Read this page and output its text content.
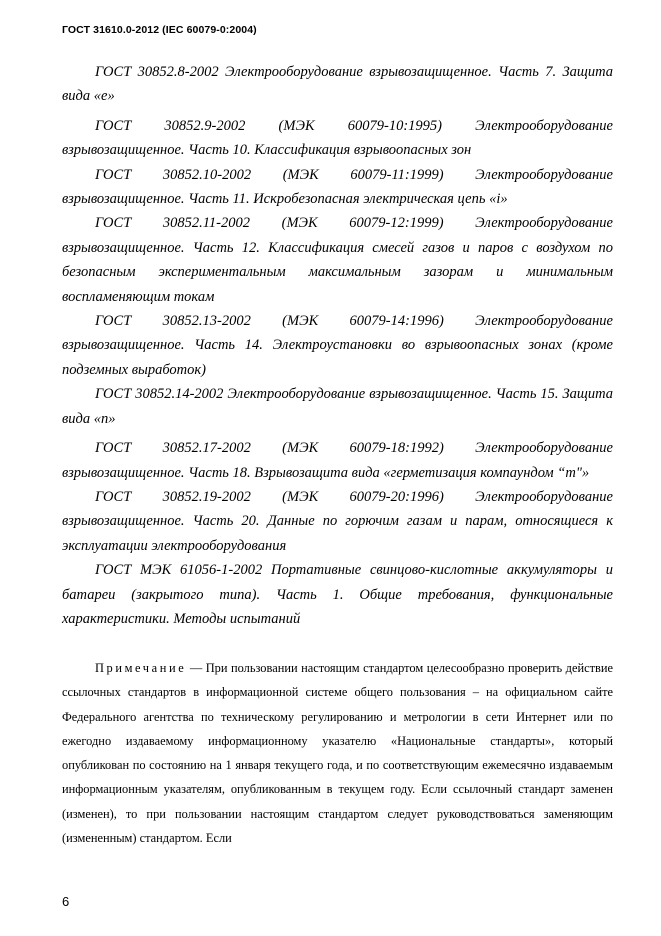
ГОСТ 31610.0-2012 (IEC 60079-0:2004)

ГОСТ 30852.8-2002 Электрооборудование взрывозащищенное. Часть 7. Защита вида «е»

ГОСТ 30852.9-2002 (МЭК 60079-10:1995) Электрооборудование взрывозащищенное. Часть 10. Классификация взрывоопасных зон

ГОСТ 30852.10-2002 (МЭК 60079-11:1999) Электрооборудование взрывозащищенное. Часть 11. Искробезопасная электрическая цепь «i»

ГОСТ 30852.11-2002 (МЭК 60079-12:1999) Электрооборудование взрывозащищенное. Часть 12. Классификация смесей газов и паров с воздухом по безопасным экспериментальным максимальным зазорам и минимальным воспламеняющим токам

ГОСТ 30852.13-2002 (МЭК 60079-14:1996) Электрооборудование взрывозащищенное. Часть 14. Электроустановки во взрывоопасных зонах (кроме подземных выработок)

ГОСТ 30852.14-2002 Электрооборудование взрывозащищенное. Часть 15. Защита вида «n»

ГОСТ 30852.17-2002 (МЭК 60079-18:1992) Электрооборудование взрывозащищенное. Часть 18. Взрывозащита вида «герметизация компаундом “m"»

ГОСТ 30852.19-2002 (МЭК 60079-20:1996) Электрооборудование взрывозащищенное. Часть 20. Данные по горючим газам и парам, относящиеся к эксплуатации электрооборудования

ГОСТ МЭК 61056-1-2002 Портативные свинцово-кислотные аккумуляторы и батареи (закрытого типа). Часть 1. Общие требования, функциональные характеристики. Методы испытаний

Примечание — При пользовании настоящим стандартом целесообразно проверить действие ссылочных стандартов в информационной системе общего пользования – на официальном сайте Федерального агентства по техническому регулированию и метрологии в сети Интернет или по ежегодно издаваемому информационному указателю «Национальные стандарты», который опубликован по состоянию на 1 января текущего года, и по соответствующим ежемесячно издаваемым информационным указателям, опубликованным в текущем году. Если ссылочный стандарт заменен (изменен), то при пользовании настоящим стандартом следует руководствоваться заменяющим (измененным) стандартом. Если

6
